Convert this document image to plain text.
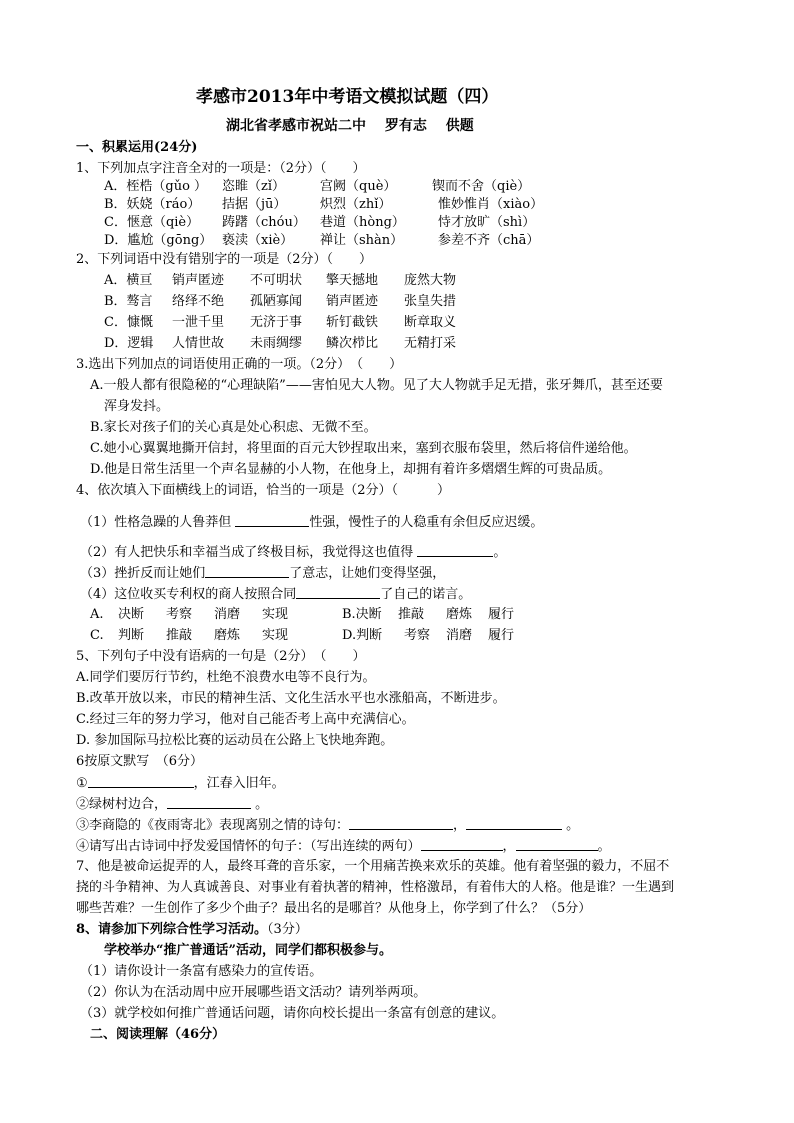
孝感市2013年中考语文模拟试题（四）
湖北省孝感市祝站二中 罗有志 供题
一、积累运用(24分)
1、下列加点字注音全对的一项是：（2分）（　　）
A．桎梏（gǔo ） 恣睢（zǐ）	宫阙（què）	锲而不舍（qiè）
B．妖娆（ráo） 拮据（jū）	炽烈（zhǐ）	惟妙惟肖（xiào）
C．惬意（qiè） 踌躇（chóu） 巷道（hòng）	恃才放旷（shì）
D．尴尬（gōng） 亵渎（xiè） 禅让（shàn）	参差不齐（chā）
2、下列词语中没有错别字的一项是（2分）（　　）
A．横亘 销声匿迹 不可明状 擎天撼地 庞然大物
B．骜言 络绎不绝 孤陋寡闻 销声匿迹 张皇失措
C．慷慨 一泄千里 无济于事 斩钉截铁 断章取义
D．逻辑 人情世故 未雨绸缪 鳞次栉比 无精打采
3.选出下列加点的词语使用正确的一项。（2分）　（　　）
A.一般人都有很隐秘的“心理缺陷”——害怕见大人物。见了大人物就手足无措，张牙舞爪，甚至还要
浑身发抖。
B.家长对孩子们的关心真是处心积虑、无微不至。
C.她小心翼翼地撕开信封，将里面的百元大钞捏取出来，塞到衣服布袋里，然后将信件递给他。
D.他是日常生活里一个声名显赫的小人物，在他身上，却拥有着许多熠熠生辉的可贵品质。
4、依次填入下面横线上的词语，恰当的一项是（2分）（　　　）
（1）性格急躁的人鲁莽但	性强，慢性子的人稳重有余但反应迟缓。
（2）有人把快乐和幸福当成了终极目标，我觉得这也值得	。
（3）挫折反而让她们	了意志，让她们变得坚强，
（4）这位收买专利权的商人按照合同	了自己的诺言。
A. 决断 考察 消磨 实现	B.决断 推敲 磨炼 履行
C. 判断 推敲 磨炼 实现	D.判断 考察 消磨 履行
5、下列句子中没有语病的一句是（2分）　（　　）
A.同学们要厉行节约，杜绝不浪费水电等不良行为。
B.改革开放以来，市民的精神生活、文化生活水平也水涨船高，不断进步。
C.经过三年的努力学习，他对自己能否考上高中充满信心。
D. 参加国际马拉松比赛的运动员在公路上飞快地奔跑。
6按原文默写　（6分）
①	，江春入旧年。
②绿树村边合，	。
③李商隐的《夜雨寄北》表现离别之情的诗句：	，	。
④请写出古诗词中抒发爱国情怀的句子：（写出连续的两句）	，	。
7、他是被命运捉弄的人，最终耳聋的音乐家，一个用痛苦换来欢乐的英雄。他有着坚强的毅力，不屈不
挠的斗争精神、为人真诚善良、对事业有着执著的精神，性格激昂，有着伟大的人格。他是谁？一生遇到
哪些苦难？一生创作了多少个曲子？最出名的是哪首？从他身上，你学到了什么？（5分）
8、请参加下列综合性学习活动。（3分）
学校举办“推广普通话”活动，同学们都积极参与。
（1）请你设计一条富有感染力的宣传语。
（2）你认为在活动周中应开展哪些语文活动？请列举两项。
（3）就学校如何推广普通话问题，请你向校长提出一条富有创意的建议。
二、阅读理解（46分）
